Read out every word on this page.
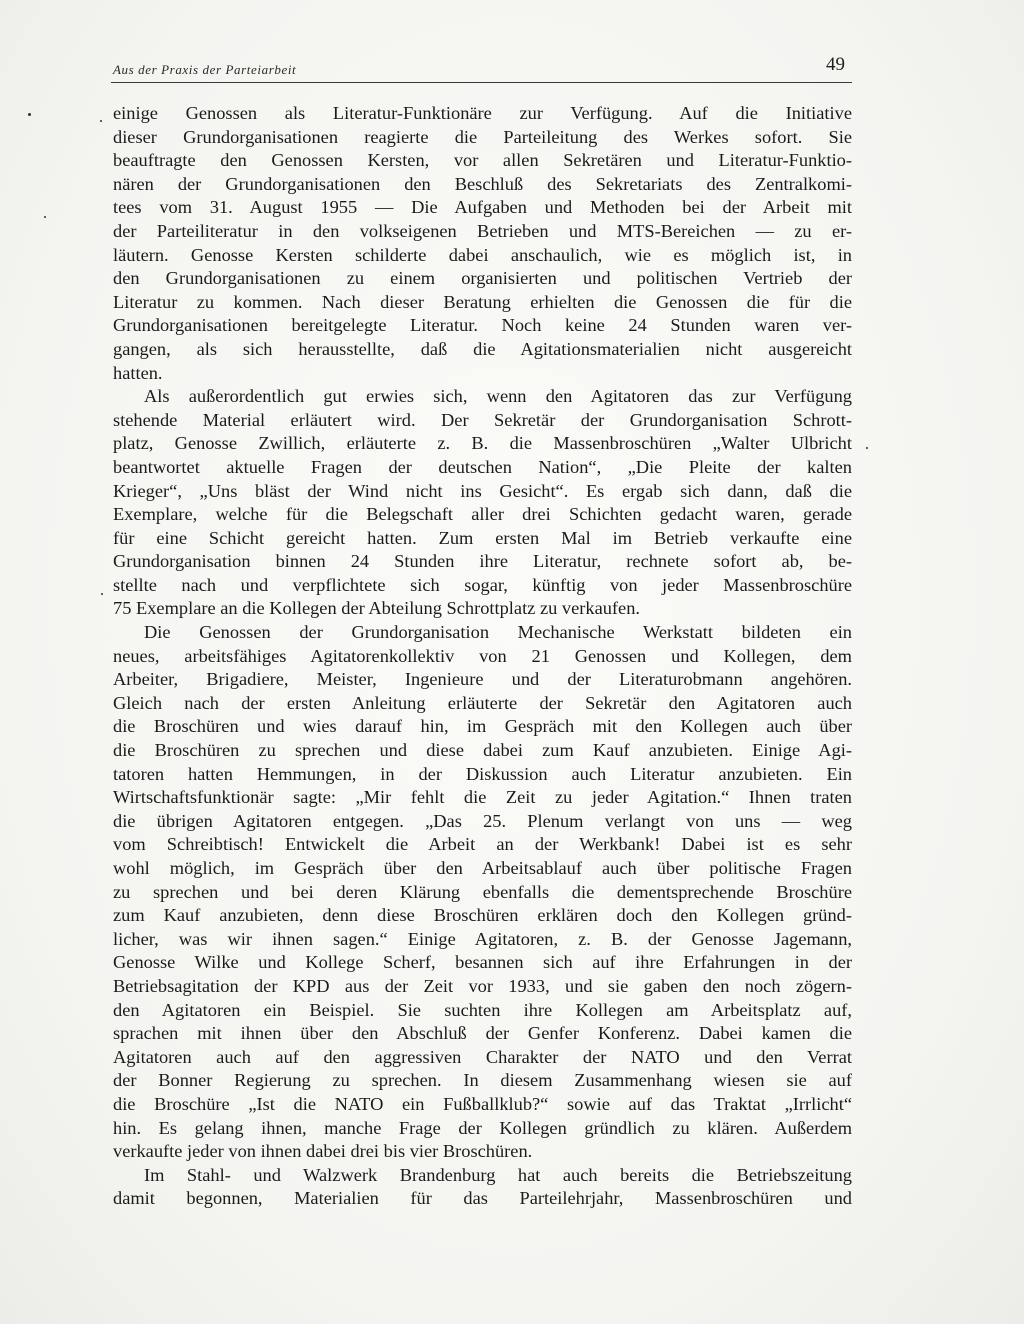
Aus der Praxis der Parteiarbeit	49
einige Genossen als Literatur-Funktionäre zur Verfügung. Auf die Initiative
dieser Grundorganisationen reagierte die Parteileitung des Werkes sofort. Sie
beauftragte den Genossen Kersten, vor allen Sekretären und Literatur-Funktio-
nären der Grundorganisationen den Beschluß des Sekretariats des Zentralkomi-
tees vom 31. August 1955 — Die Aufgaben und Methoden bei der Arbeit mit
der Parteiliteratur in den volkseigenen Betrieben und MTS-Bereichen — zu er-
läutern. Genosse Kersten schilderte dabei anschaulich, wie es möglich ist, in
den Grundorganisationen zu einem organisierten und politischen Vertrieb der
Literatur zu kommen. Nach dieser Beratung erhielten die Genossen die für die
Grundorganisationen bereitgelegte Literatur. Noch keine 24 Stunden waren ver-
gangen, als sich herausstellte, daß die Agitationsmaterialien nicht ausgereicht
hatten.
Als außerordentlich gut erwies sich, wenn den Agitatoren das zur Verfügung
stehende Material erläutert wird. Der Sekretär der Grundorganisation Schrott-
platz, Genosse Zwillich, erläuterte z. B. die Massenbroschüren „Walter Ulbricht
beantwortet aktuelle Fragen der deutschen Nation“, „Die Pleite der kalten
Krieger“, „Uns bläst der Wind nicht ins Gesicht“. Es ergab sich dann, daß die
Exemplare, welche für die Belegschaft aller drei Schichten gedacht waren, gerade
für eine Schicht gereicht hatten. Zum ersten Mal im Betrieb verkaufte eine
Grundorganisation binnen 24 Stunden ihre Literatur, rechnete sofort ab, be-
stellte nach und verpflichtete sich sogar, künftig von jeder Massenbroschüre
75 Exemplare an die Kollegen der Abteilung Schrottplatz zu verkaufen.
Die Genossen der Grundorganisation Mechanische Werkstatt bildeten ein
neues, arbeitsfähiges Agitatorenkollektiv von 21 Genossen und Kollegen, dem
Arbeiter, Brigadiere, Meister, Ingenieure und der Literaturobmann angehören.
Gleich nach der ersten Anleitung erläuterte der Sekretär den Agitatoren auch
die Broschüren und wies darauf hin, im Gespräch mit den Kollegen auch über
die Broschüren zu sprechen und diese dabei zum Kauf anzubieten. Einige Agi-
tatoren hatten Hemmungen, in der Diskussion auch Literatur anzubieten. Ein
Wirtschaftsfunktionär sagte: „Mir fehlt die Zeit zu jeder Agitation.“ Ihnen traten
die übrigen Agitatoren entgegen. „Das 25. Plenum verlangt von uns — weg
vom Schreibtisch! Entwickelt die Arbeit an der Werkbank! Dabei ist es sehr
wohl möglich, im Gespräch über den Arbeitsablauf auch über politische Fragen
zu sprechen und bei deren Klärung ebenfalls die dementsprechende Broschüre
zum Kauf anzubieten, denn diese Broschüren erklären doch den Kollegen gründ-
licher, was wir ihnen sagen.“ Einige Agitatoren, z. B. der Genosse Jagemann,
Genosse Wilke und Kollege Scherf, besannen sich auf ihre Erfahrungen in der
Betriebsagitation der KPD aus der Zeit vor 1933, und sie gaben den noch zögern-
den Agitatoren ein Beispiel. Sie suchten ihre Kollegen am Arbeitsplatz auf,
sprachen mit ihnen über den Abschluß der Genfer Konferenz. Dabei kamen die
Agitatoren auch auf den aggressiven Charakter der NATO und den Verrat
der Bonner Regierung zu sprechen. In diesem Zusammenhang wiesen sie auf
die Broschüre „Ist die NATO ein Fußballklub?“ sowie auf das Traktat „Irrlicht“
hin. Es gelang ihnen, manche Frage der Kollegen gründlich zu klären. Außerdem
verkaufte jeder von ihnen dabei drei bis vier Broschüren.
Im Stahl- und Walzwerk Brandenburg hat auch bereits die Betriebszeitung
damit begonnen, Materialien für das Parteilehrjahr, Massenbroschüren und
